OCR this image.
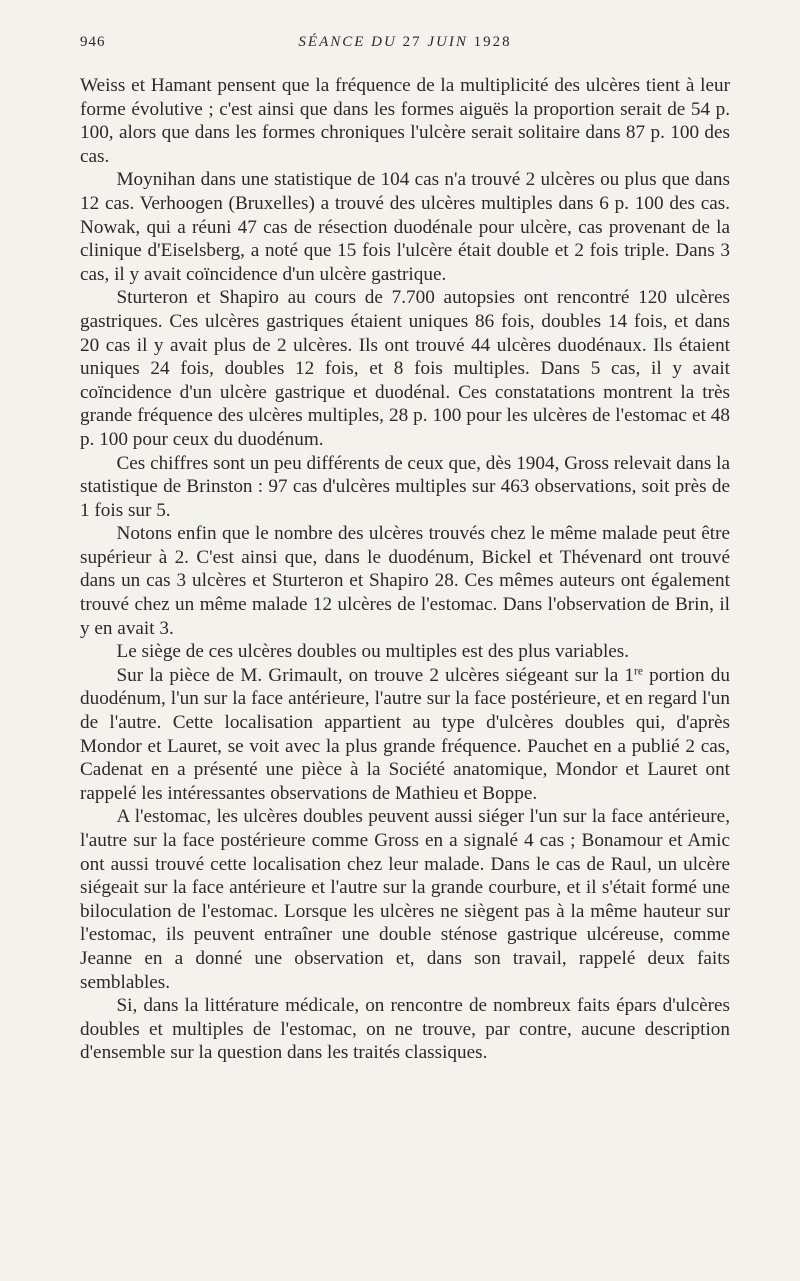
946	SÉANCE DU 27 JUIN 1928

Weiss et Hamant pensent que la fréquence de la multiplicité des ulcères tient à leur forme évolutive ; c'est ainsi que dans les formes aiguës la proportion serait de 54 p. 100, alors que dans les formes chroniques l'ulcère serait solitaire dans 87 p. 100 des cas.

Moynihan dans une statistique de 104 cas n'a trouvé 2 ulcères ou plus que dans 12 cas. Verhoogen (Bruxelles) a trouvé des ulcères multiples dans 6 p. 100 des cas. Nowak, qui a réuni 47 cas de résection duodénale pour ulcère, cas provenant de la clinique d'Eiselsberg, a noté que 15 fois l'ulcère était double et 2 fois triple. Dans 3 cas, il y avait coïncidence d'un ulcère gastrique.

Sturteron et Shapiro au cours de 7.700 autopsies ont rencontré 120 ulcères gastriques. Ces ulcères gastriques étaient uniques 86 fois, doubles 14 fois, et dans 20 cas il y avait plus de 2 ulcères. Ils ont trouvé 44 ulcères duodénaux. Ils étaient uniques 24 fois, doubles 12 fois, et 8 fois multiples. Dans 5 cas, il y avait coïncidence d'un ulcère gastrique et duodénal. Ces constatations montrent la très grande fréquence des ulcères multiples, 28 p. 100 pour les ulcères de l'estomac et 48 p. 100 pour ceux du duodénum.

Ces chiffres sont un peu différents de ceux que, dès 1904, Gross relevait dans la statistique de Brinston : 97 cas d'ulcères multiples sur 463 observations, soit près de 1 fois sur 5.

Notons enfin que le nombre des ulcères trouvés chez le même malade peut être supérieur à 2. C'est ainsi que, dans le duodénum, Bickel et Thévenard ont trouvé dans un cas 3 ulcères et Sturteron et Shapiro 28. Ces mêmes auteurs ont également trouvé chez un même malade 12 ulcères de l'estomac. Dans l'observation de Brin, il y en avait 3.

Le siège de ces ulcères doubles ou multiples est des plus variables.

Sur la pièce de M. Grimault, on trouve 2 ulcères siégeant sur la 1re portion du duodénum, l'un sur la face antérieure, l'autre sur la face postérieure, et en regard l'un de l'autre. Cette localisation appartient au type d'ulcères doubles qui, d'après Mondor et Lauret, se voit avec la plus grande fréquence. Pauchet en a publié 2 cas, Cadenat en a présenté une pièce à la Société anatomique, Mondor et Lauret ont rappelé les intéressantes observations de Mathieu et Boppe.

A l'estomac, les ulcères doubles peuvent aussi siéger l'un sur la face antérieure, l'autre sur la face postérieure comme Gross en a signalé 4 cas ; Bonamour et Amic ont aussi trouvé cette localisation chez leur malade. Dans le cas de Raul, un ulcère siégeait sur la face antérieure et l'autre sur la grande courbure, et il s'était formé une biloculation de l'estomac. Lorsque les ulcères ne siègent pas à la même hauteur sur l'estomac, ils peuvent entraîner une double sténose gastrique ulcéreuse, comme Jeanne en a donné une observation et, dans son travail, rappelé deux faits semblables.

Si, dans la littérature médicale, on rencontre de nombreux faits épars d'ulcères doubles et multiples de l'estomac, on ne trouve, par contre, aucune description d'ensemble sur la question dans les traités classiques.
